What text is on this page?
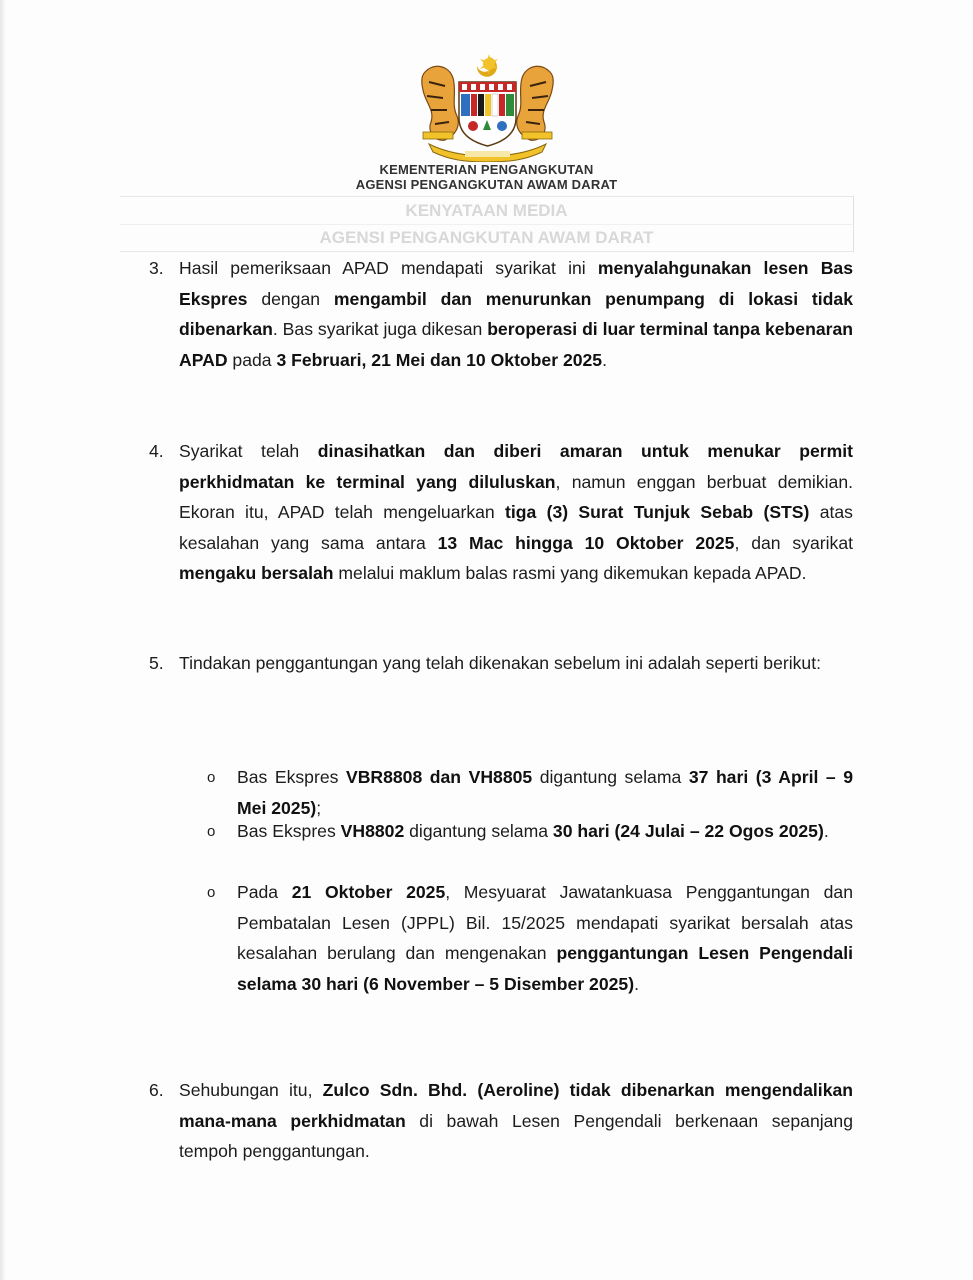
KEMENTERIAN PENGANGKUTAN
AGENSI PENGANGKUTAN AWAM DARAT
KENYATAAN MEDIA
AGENSI PENGANGKUTAN AWAM DARAT
3. Hasil pemeriksaan APAD mendapati syarikat ini menyalahgunakan lesen Bas Ekspres dengan mengambil dan menurunkan penumpang di lokasi tidak dibenarkan. Bas syarikat juga dikesan beroperasi di luar terminal tanpa kebenaran APAD pada 3 Februari, 21 Mei dan 10 Oktober 2025.
4. Syarikat telah dinasihatkan dan diberi amaran untuk menukar permit perkhidmatan ke terminal yang diluluskan, namun enggan berbuat demikian. Ekoran itu, APAD telah mengeluarkan tiga (3) Surat Tunjuk Sebab (STS) atas kesalahan yang sama antara 13 Mac hingga 10 Oktober 2025, dan syarikat mengaku bersalah melalui maklum balas rasmi yang dikemukan kepada APAD.
5. Tindakan penggantungan yang telah dikenakan sebelum ini adalah seperti berikut:
o Bas Ekspres VBR8808 dan VH8805 digantung selama 37 hari (3 April – 9 Mei 2025);
o Bas Ekspres VH8802 digantung selama 30 hari (24 Julai – 22 Ogos 2025).
o Pada 21 Oktober 2025, Mesyuarat Jawatankuasa Penggantungan dan Pembatalan Lesen (JPPL) Bil. 15/2025 mendapati syarikat bersalah atas kesalahan berulang dan mengenakan penggantungan Lesen Pengendali selama 30 hari (6 November – 5 Disember 2025).
6. Sehubungan itu, Zulco Sdn. Bhd. (Aeroline) tidak dibenarkan mengendalikan mana-mana perkhidmatan di bawah Lesen Pengendali berkenaan sepanjang tempoh penggantungan.
